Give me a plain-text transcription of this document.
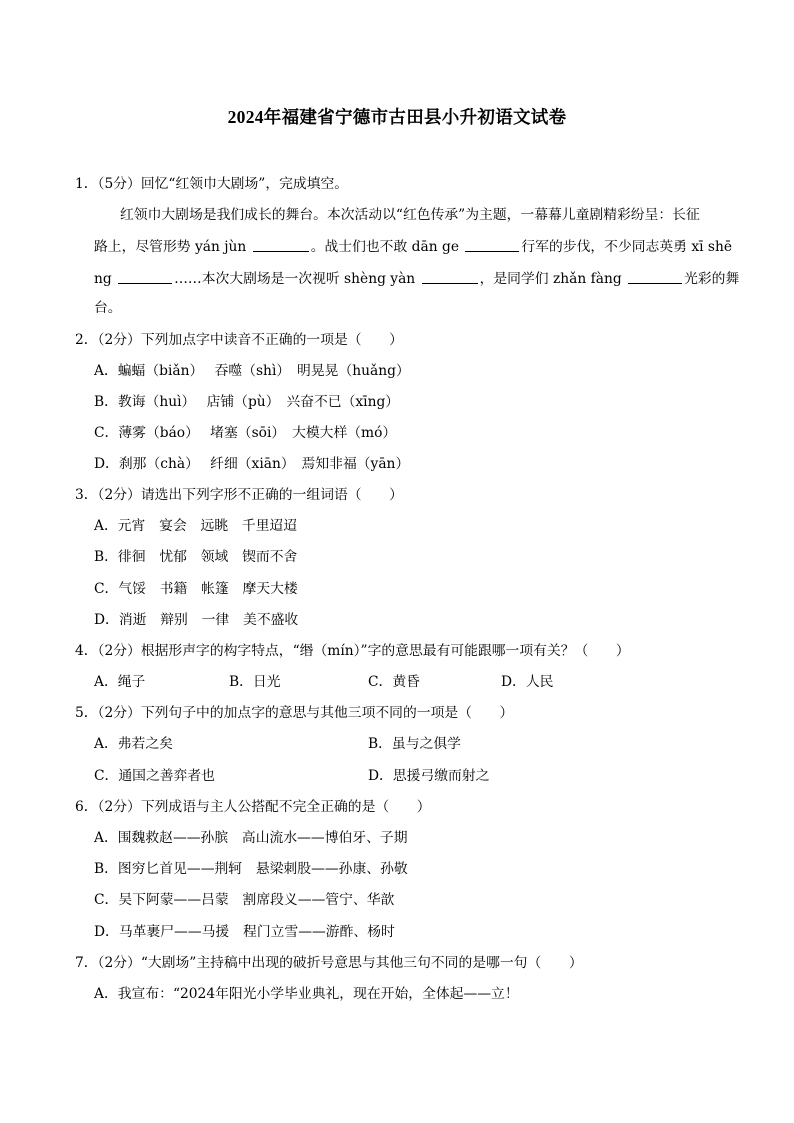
2024年福建省宁德市古田县小升初语文试卷
1．（5分）回忆“红领巾大剧场”，完成填空。
红领巾大剧场是我们成长的舞台。本次活动以“红色传承”为主题，一幕幕儿童剧精彩纷呈：长征
路上，尽管形势 yán jùn	。战士们也不敢 dān ge	行军的步伐，不少同志英勇 xī shē
ng	……本次大剧场是一次视听 shèng yàn	，是同学们 zhǎn fàng	光彩的舞
台。
2．（2分）下列加点字中读音不正确的一项是（　　）
A．蝙蝠（biǎn）　 吞噬（shì）　明晃晃（huǎng）
B．教诲（huì）　 店铺（pù）　兴奋不已（xīng）
C．薄雾（báo）　 堵塞（sōi）　大模大样（mó）
D．刹那（chà）　 纤细（xiān）　焉知非福（yān）
3．（2分）请选出下列字形不正确的一组词语（　　）
A．元宵　宴会　远眺　千里迢迢
B．徘徊　忧郁　领域　锲而不舍
C．气馁　书籍　帐篷　摩天大楼
D．消逝　辩别　一律　美不盛收
4．（2分）根据形声字的构字特点，“缗（mín）”字的意思最有可能跟哪一项有关？（　　）
A．绳子	B．日光	C．黄昏	D．人民
5．（2分）下列句子中的加点字的意思与其他三项不同的一项是（　　）
A．弗若之矣	B．虽与之俱学
C．通国之善弈者也	D．思援弓缴而射之
6．（2分）下列成语与主人公搭配不完全正确的是（　　）
A．围魏救赵——孙膑　高山流水——博伯牙、子期
B．图穷匕首见——荆轲　悬梁刺股——孙康、孙敬
C．吴下阿蒙——吕蒙　割席段义——管宁、华歆
D．马革裹尸——马援　程门立雪——游酢、杨时
7．（2分）“大剧场”主持稿中出现的破折号意思与其他三句不同的是哪一句（　　）
A．我宣布：“2024年阳光小学毕业典礼，现在开始，全体起——立！
